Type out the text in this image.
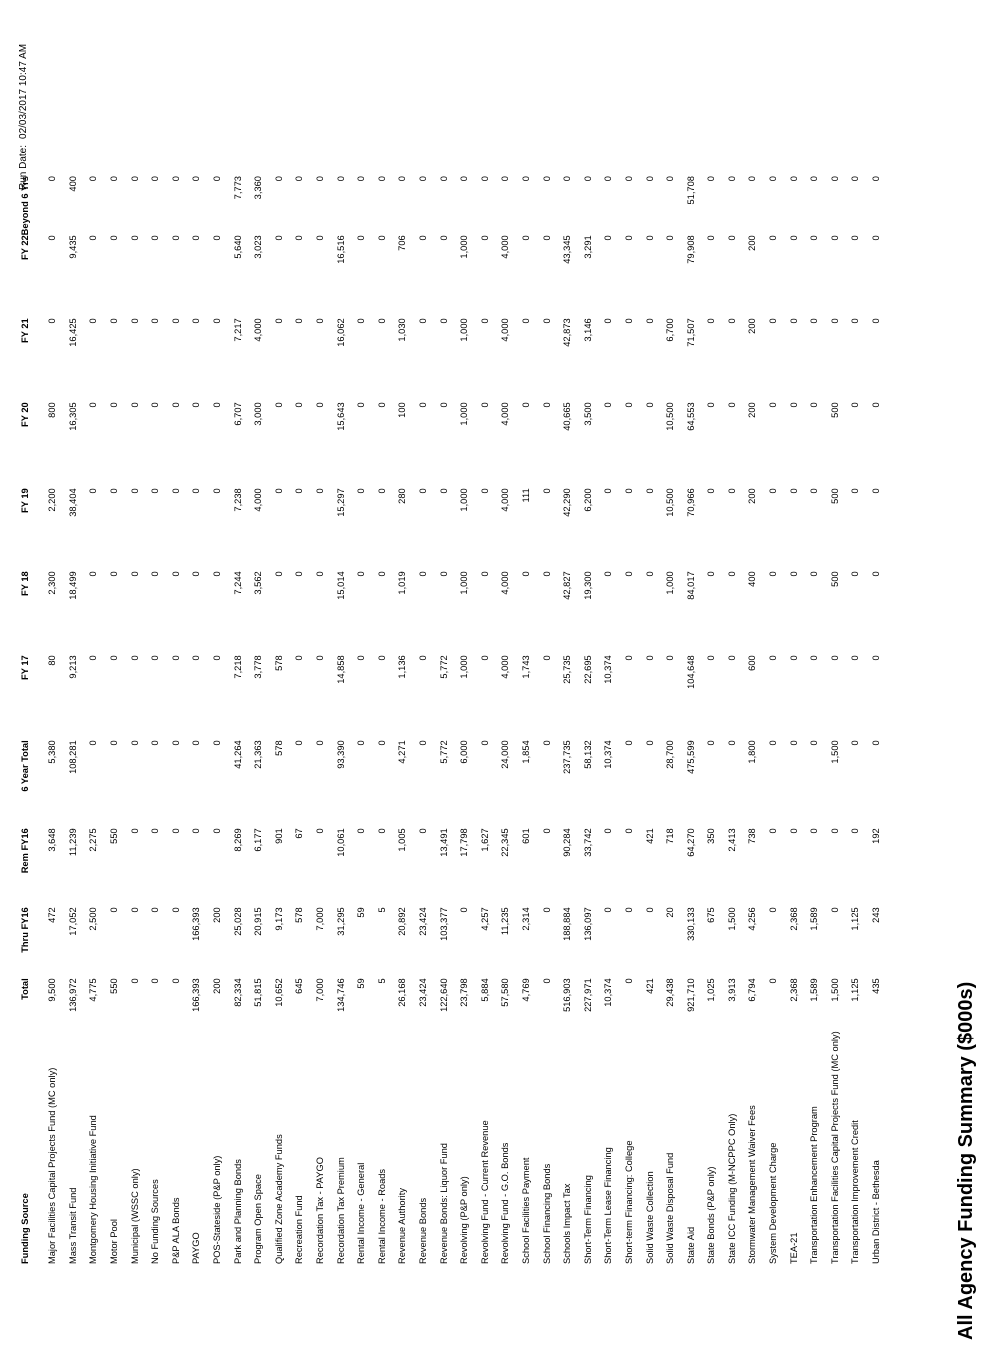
All Agency Funding Summary ($000s)
Run Date:02/03/2017 10:47 AM
Funding Source	Total	Thru FY16	Rem FY16	6 Year Total	FY 17	FY 18	FY 19	FY 20	FY 21	FY 22	Beyond 6 Yrs
Major Facilities Capital Projects Fund (MC only)	9,500	472	3,648	5,380	80	2,300	2,200	800	0	0	0
Mass Transit Fund	136,972	17,052	11,239	108,281	9,213	18,499	38,404	16,305	16,425	9,435	400
Montgomery Housing Initiative Fund	4,775	2,500	2,275	0	0	0	0	0	0	0	0
Motor Pool	550	0	550	0	0	0	0	0	0	0	0
Municipal (WSSC only)	0	0	0	0	0	0	0	0	0	0	0
No Funding Sources	0	0	0	0	0	0	0	0	0	0	0
P&P ALA Bonds	0	0	0	0	0	0	0	0	0	0	0
PAYGO	166,393	166,393	0	0	0	0	0	0	0	0	0
POS-Stateside (P&P only)	200	200	0	0	0	0	0	0	0	0	0
Park and Planning Bonds	82,334	25,028	8,269	41,264	7,218	7,244	7,238	6,707	7,217	5,640	7,773
Program Open Space	51,815	20,915	6,177	21,363	3,778	3,562	4,000	3,000	4,000	3,023	3,360
Qualified Zone Academy Funds	10,652	9,173	901	578	578	0	0	0	0	0	0
Recreation Fund	645	578	67	0	0	0	0	0	0	0	0
Recordation Tax - PAYGO	7,000	7,000	0	0	0	0	0	0	0	0	0
Recordation Tax Premium	134,746	31,295	10,061	93,390	14,858	15,014	15,297	15,643	16,062	16,516	0
Rental Income - General	59	59	0	0	0	0	0	0	0	0	0
Rental Income - Roads	5	5	0	0	0	0	0	0	0	0	0
Revenue Authority	26,168	20,892	1,005	4,271	1,136	1,019	280	100	1,030	706	0
Revenue Bonds	23,424	23,424	0	0	0	0	0	0	0	0	0
Revenue Bonds: Liquor Fund	122,640	103,377	13,491	5,772	5,772	0	0	0	0	0	0
Revolving (P&P only)	23,798	0	17,798	6,000	1,000	1,000	1,000	1,000	1,000	1,000	0
Revolving Fund - Current Revenue	5,884	4,257	1,627	0	0	0	0	0	0	0	0
Revolving Fund - G.O. Bonds	57,580	11,235	22,345	24,000	4,000	4,000	4,000	4,000	4,000	4,000	0
School Facilities Payment	4,769	2,314	601	1,854	1,743	0	111	0	0	0	0
School Financing Bonds	0	0	0	0	0	0	0	0	0	0	0
Schools Impact Tax	516,903	188,884	90,284	237,735	25,735	42,827	42,290	40,665	42,873	43,345	0
Short-Term Financing	227,971	136,097	33,742	58,132	22,695	19,300	6,200	3,500	3,146	3,291	0
Short-Term Lease Financing	10,374	0	0	10,374	10,374	0	0	0	0	0	0
Short-term Financing: College	0	0	0	0	0	0	0	0	0	0	0
Solid Waste Collection	421	0	421	0	0	0	0	0	0	0	0
Solid Waste Disposal Fund	29,438	20	718	28,700	0	1,000	10,500	10,500	6,700	0	0
State Aid	921,710	330,133	64,270	475,599	104,648	84,017	70,966	64,553	71,507	79,908	51,708
State Bonds (P&P only)	1,025	675	350	0	0	0	0	0	0	0	0
State ICC Funding (M-NCPPC Only)	3,913	1,500	2,413	0	0	0	0	0	0	0	0
Stormwater Management Waiver Fees	6,794	4,256	738	1,800	600	400	200	200	200	200	0
System Development Charge	0	0	0	0	0	0	0	0	0	0	0
TEA-21	2,368	2,368	0	0	0	0	0	0	0	0	0
Transportation Enhancement Program	1,589	1,589	0	0	0	0	0	0	0	0	0
Transportation Facilities Capital Projects Fund (MC only)	1,500	0	0	1,500	0	500	500	500	0	0	0
Transportation Improvement Credit	1,125	1,125	0	0	0	0	0	0	0	0	0
Urban District - Bethesda	435	243	192	0	0	0	0	0	0	0	0
